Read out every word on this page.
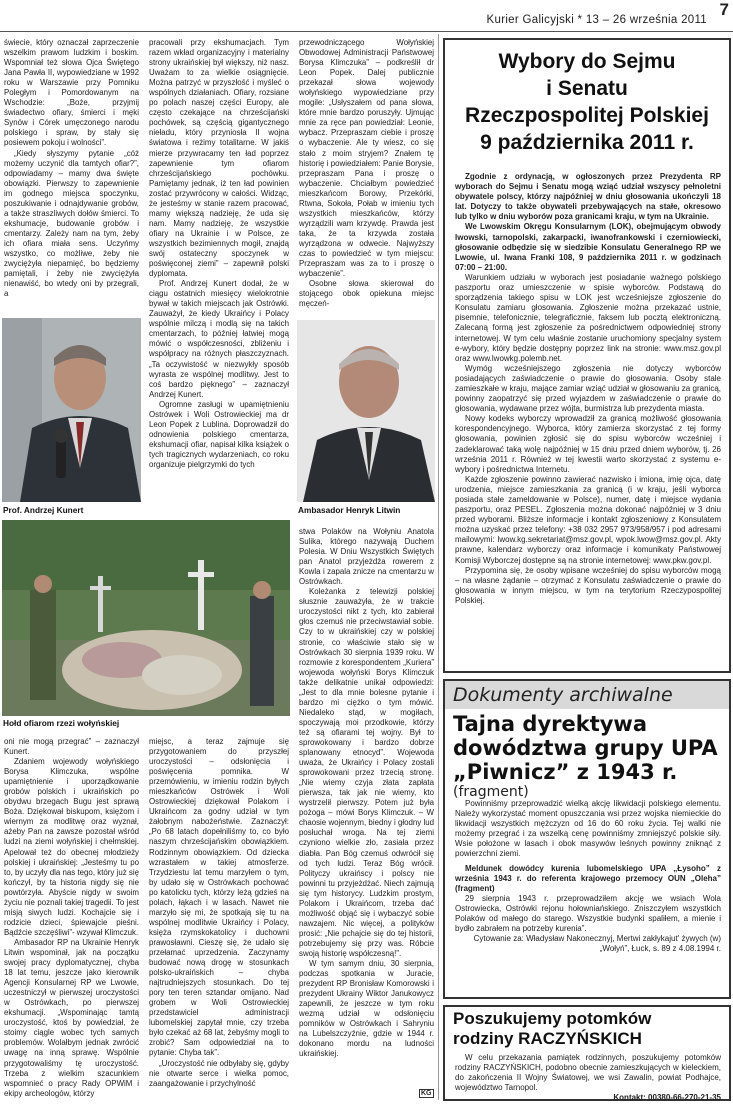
Kurier Galicyjski * 13 – 26 września 2011
7

świecie, który oznaczał zaprzeczenie wszelkim prawom ludzkim i boskim. Wspomniał też słowa Ojca Świętego Jana Pawła II, wypowiedziane w 1992 roku w Warszawie przy Pomniku Poległym i Pomordowanym na Wschodzie: „Boże, przyjmij świadectwo ofiary, śmierci i męki Synów i Córek umęczonego narodu polskiego i spraw, by stały się posiewem pokoju i wolności”.

„Kiedy słyszymy pytanie „cóż możemy uczynić dla tamtych ofiar?”, odpowiadamy – mamy dwa święte obowiązki. Pierwszy to zapewnienie im godnego miejsca spoczynku, poszukiwanie i odnajdywanie grobów, a także straszliwych dołów śmierci. To ekshumacje, budowanie grobów i cmentarzy. Zależy nam na tym, żeby ich ofiara miała sens. Uczyńmy wszystko, co możliwe, żeby nie zwyciężyła niepamięć, bo będziemy pamiętali, i żeby nie zwyciężyła nienawiść, bo wtedy oni by przegrali, a

pracowali przy ekshumacjach. Tym razem wkład organizacyjny i materialny strony ukraińskiej był większy, niż nasz. Uważam to za wielkie osiągnięcie. Można patrzyć w przyszłość i myśleć o wspólnych działaniach. Ofiary, rozsiane po polach naszej części Europy, ale często czekające na chrześcijański pochówek, są częścią gigantycznego nieładu, który przyniosła II wojna światowa i reżimy totalitarne. W jakiś mierze przywracamy ten ład poprzez zapewnienie tym ofiarom chrześcijańskiego pochówku. Pamiętamy jednak, iż ten ład powinien zostać przywrócony w całości. Widząc, że jesteśmy w stanie razem pracować, mamy większą nadzieję, że uda się nam. Mamy nadzieję, że wszystkie ofiary na Ukrainie i w Polsce, ze wszystkich bezimiennych mogił, znajdą swój ostateczny spoczynek w poświęconej ziemi” – zapewnił polski dyplomata.

Prof. Andrzej Kunert dodał, że w ciągu ostatnich miesięcy wielokrotnie bywał w takich miejscach jak Ostrówki. Zauważył, że kiedy Ukraińcy i Polacy wspólnie milczą i modlą się na takich cmentarzach, to później łatwiej mogą mówić o współczesności, zbliżeniu i współpracy na różnych płaszczyznach. „Ta oczywistość w niezwykły sposób wyrasta ze wspólnej modlitwy. Jest to coś bardzo pięknego” – zaznaczył Andrzej Kunert.

Ogromne zasługi w upamiętnieniu Ostrówek i Woli Ostrowieckiej ma dr Leon Popek z Lublina. Doprowadził do odnowienia polskiego cmentarza, ekshumacji ofiar, napisał kilka książek o tych tragicznych wydarzeniach, co roku organizuje pielgrzymki do tych

przewodniczącego Wołyńskiej Obwodowej Administracji Państwowej Borysa Klimczuka” – podkreślił dr Leon Popek. Dalej publicznie przekazał słowa wojewody wołyńskiego wypowiedziane przy mogile: „Usłyszałem od pana słowa, które mnie bardzo poruszyły. Ujmując mnie za ręce pan powiedział: Leonie, wybacz. Przepraszam ciebie i proszę o wybaczenie. Ale ty wiesz, co się stało z moim stryjem? Znałem tę historię i powiedziałem: Panie Borysie, przepraszam Pana i proszę o wybaczenie. Chciałbym powiedzieć mieszkańcom Borowy, Przekórki, Rtwna, Sokoła, Połab w imieniu tych wszystkich mieszkańców, którzy wyrządzili wam krzywdę. Prawda jest taka, że ta krzywda została wyrządzona w odwecie. Najwyższy czas to powiedzieć w tym miejscu: Przepraszam was za to i proszę o wybaczenie”.

Osobne słowa skierował do stojącego obok opiekuna miejsc męczeń-

Prof. Andrzej Kunert	Ambasador Henryk Litwin
Hołd ofiarom rzezi wołyńskiej

stwa Polaków na Wołyniu Anatola Sulika, którego nazywają Duchem Polesia. W Dniu Wszystkich Świętych pan Anatol przyjeżdża rowerem z Kowla i zapala znicze na cmentarzu w Ostrówkach.

Koleżanka z telewizji polskiej słusznie zauważyła, że w trakcie uroczystości nikt z tych, kto zabierał głos czemuś nie przeciwstawiał sobie. Czy to w ukraińskiej czy w polskiej stronie, co właściwie stało się w Ostrówkach 30 sierpnia 1939 roku. W rozmowie z korespondentem „Kuriera” wojewoda wołyński Borys Klimczuk także delikatnie unikał odpowiedzi: „Jest to dla mnie bolesne pytanie i bardzo mi ciężko o tym mówić. Niedaleko stąd, w mogiłach, spoczywają moi przodkowie, którzy też są ofiarami tej wojny. Był to sprowokowany i bardzo dobrze splanowany etnocyd”. Wojewoda uważa, że Ukraińcy i Polacy zostali sprowokowani przez trzecią stronę. „Nie wiemy czyja złata zapłata pierwsza, tak jak nie wiemy, kto wystrzelił pierwszy. Potem już była pożoga – mówi Borys Klimczuk. – W chaosie wojennym, biedny i głodny lud posłuchał wroga. Na tej ziemi czyniono wielkie zło, zasiała przez diabła. Pan Bóg czemuś odwrócił się od tych ludzi. Teraz Bóg wrócił. Polityczy ukraińscy i polscy nie powinni tu przyjeżdżać. Niech zajmują się tym historycy. Ludzkim prostym, Polakom i Ukraińcom, trzeba dać możliwość objąć się i wybaczyć sobie nawzajem. Nic więcej, a polityków prosić: „Nie pchajcie się do tej historii, potrzebujemy się przy was. Róbcie swoją historię współczesną!”.

W tym samym dniu, 30 sierpnia, podczas spotkania w Juracie, prezydent RP Bronisław Komorowski i prezydent Ukrainy Wiktor Janukowycz zapewnili, że jeszcze w tym roku wezmą udział w odsłonięciu pomników w Ostrówkach i Sahryniu na Lubelszczyźnie, gdzie w 1944 r. dokonano mordu na ludności ukraińskiej.

oni nie mogą przegrać” – zaznaczył Kunert.

Zdaniem wojewody wołyńskiego Borysa Klimczuka, wspólne upamiętnienie i uporządkowanie grobów polskich i ukraińskich po obydwu brzegach Bugu jest sprawą Boża. Dziękował biskupom, księżom i wiernym za modlitwę oraz wyznał, ażeby Pan na zawsze pozostał wśród ludzi na ziemi wołyńskiej i chełmskiej. Apelował też do obecnej młodzieży polskiej i ukraińskiej: „Jesteśmy tu po to, by uczyły dla nas tego, który już się kończył, by ta historia nigdy się nie powtórzyła. Abyście nigdy w swoim życiu nie poznali takiej tragedii. To jest misją siwych ludzi. Kochajcie się i rodzicie dzieci, śpiewajcie pieśni. Bądźcie szczęśliwi”- wzywał Klimczuk.

Ambasador RP na Ukrainie Henryk Litwin wspominał, jak na początku swojej pracy dyplomatycznej, chyba 18 lat temu, jeszcze jako kierownik Agencji Konsularnej RP we Lwowie, uczestniczył w pierwszej uroczystości w Ostrówkach, po pierwszej ekshumacji. „Wspominając tamtą uroczystość, ktoś by powiedział, że stoimy ciągle wobec tych samych problemów. Wolałbym jednak zwrócić uwagę na inną sprawę. Wspólnie przygotowaliśmy tę uroczystość. Trzeba z wielkim szacunkiem wspomnieć o pracy Rady OPWiM i ekipy archeologów, którzy

miejsc, a teraz zajmuje się przygotowaniem do przyszłej uroczystości – odsłonięcia i poświęcenia pomnika. W przemówieniu, w imieniu rodzin byłych mieszkańców Ostrówek i Woli Ostrowieckiej dziękował Polakom i Ukraińcom za godny udział w tym żałobnym nabożeństwie. Zaznaczył: „Po 68 latach dopełniliśmy to, co było naszym chrześcijańskim obowiązkiem. Rodzinnym obowiązkiem. Od dziecka wzrastałem w takiej atmosferze. Trzydziestu lat temu marzyłem o tym, by udało się w Ostrówkach pochować po katolicku tych, którzy leżą gdzieś na polach, łąkach i w lasach. Nawet nie marzyło się mi, że spotkają się tu na wspólnej modlitwie Ukraińcy i Polacy, księża rzymskokatolicy i duchowni prawosławni. Cieszę się, że udało się przełamać uprzedzenia. Zaczynamy budować nową drogę w stosunkach polsko-ukraińskich – chyba najtrudniejszych stosunkach. Do tej pory ten teren sztandar omijano. Nad grobem w Woli Ostrowieckiej przedstawiciel administracji lubomelskiej zapytał mnie, czy trzeba było czekać aż 68 lat, żebyśmy mogli to zrobić? Sam odpowiedział na to pytanie: Chyba tak”.

„Uroczystość nie odbyłaby się, gdyby nie otwarte serce i wielka pomoc, zaangażowanie i przychylność

KG
Wybory do Sejmu
i Senatu
Rzeczpospolitej Polskiej
9 października 2011 r.

Zgodnie z ordynacją, w ogłoszonych przez Prezydenta RP wyborach do Sejmu i Senatu mogą wziąć udział wszyscy pełnoletni obywatele polscy, którzy najpóźniej w dniu głosowania ukończyli 18 lat. Dotyczy to także obywateli przebywających na stałe, okresowo lub tylko w dniu wyborów poza granicami kraju, w tym na Ukrainie.

We Lwowskim Okręgu Konsularnym (LOK), obejmującym obwody lwowski, tarnopolski, zakarpacki, iwanofrankowski i czerniowiecki, głosowanie odbędzie się w siedzibie Konsulatu Generalnego RP we Lwowie, ul. Iwana Franki 108, 9 października 2011 r. w godzinach 07:00 – 21:00.

Warunkiem udziału w wyborach jest posiadanie ważnego polskiego paszportu oraz umieszczenie w spisie wyborców. Podstawą do sporządzenia takiego spisu w LOK jest wcześniejsze zgłoszenie do Konsulatu zamiaru głosowania. Zgłoszenie można przekazać ustnie, pisemnie, telefonicznie, telegraficznie, faksem lub pocztą elektroniczną. Zalecaną formą jest zgłoszenie za pośrednictwem odpowiedniej strony internetowej. W tym celu właśnie zostanie uruchomiony specjalny system e-wybory, który będzie dostępny poprzez link na stronie: www.msz.gov.pl oraz www.lwowkg.polemb.net.

Wymóg wcześniejszego zgłoszenia nie dotyczy wyborców posiadających zaświadczenie o prawie do głosowania. Osoby stale zamieszkałe w kraju, mające zamiar wziąć udział w głosowaniu za granicą, powinny zaopatrzyć się przed wyjazdem w zaświadczenie o prawie do głosowania, wydawane przez wójta, burmistrza lub prezydenta miasta.

Nowy kodeks wyborczy wprowadził za granicą możliwość głosowania korespondencyjnego. Wyborca, który zamierza skorzystać z tej formy głosowania, powinien zgłosić się do spisu wyborców wcześniej i zadeklarować taką wolę najpóźniej w 15 dniu przed dniem wyborów, tj. 26 września 2011 r. Również w tej kwestii warto skorzystać z systemu e-wybory i pośrednictwa Internetu.

Każde zgłoszenie powinno zawierać nazwisko i imiona, imię ojca, datę urodzenia, miejsce zamieszkania za granicą (i w kraju, jeśli wyborca posiada stałe zameldowanie w Polsce), numer, datę i miejsce wydania paszportu, oraz PESEL. Zgłoszenia można dokonać najpóźniej w 3 dniu przed wyborami. Bliższe informacje i kontakt zgłoszeniowy z Konsulatem można uzyskać przez telefony: +38 032 2957 973/958/957 i pod adresami mailowymi: lwow.kg.sekretariat@msz.gov.pl, wpok.lwow@msz.gov.pl. Akty prawne, kalendarz wyborczy oraz informacje i komunikaty Państwowej Komisji Wyborczej dostępne są na stronie internetowej: www.pkw.gov.pl.

Przypomina się, że osoby wpisane wcześniej do spisu wyborców mogą – na własne żądanie – otrzymać z Konsulatu zaświadczenie o prawie do głosowania w innym miejscu, w tym na terytorium Rzeczypospolitej Polskiej.

Dokumenty archiwalne
Tajna dyrektywa
dowództwa grupy UPA
„Piwnicz” z 1943 r.
(fragment)

Powinniśmy przeprowadzić wielką akcję likwidacji polskiego elementu. Należy wykorzystać moment opuszczania wsi przez wojska niemieckie do likwidacji wszystkich mężczyzn od 16 do 60 roku życia. Tej walki nie możemy przegrać i za wszelką cenę powinniśmy zmniejszyć polskie siły. Wsie położone w lasach i obok masywów leśnych powinny zniknąć z powierzchni ziemi.

Meldunek dowódcy kurenia lubomelskiego UPA „Łysoho” z września 1943 r. do referenta krajowego przemocy OUN „Oleha” (fragment)

29 sierpnia 1943 r. przeprowadziłem akcję we wsiach Wola Ostrowiecka, Ostrówki rejonu hołowniańskiego. Zniszczyłem wszystkich Polaków od małego do starego. Wszystkie budynki spaliłem, a mienie i bydło zabrałem na potrzeby kurenia”.

Cytowanie za: Władysław Nakonecznyj, Mertwi zakłykajut' żywych (w)
„Wołyń”, Łuck, s. 89 z 4.08.1994 r.
Poszukujemy potomków
rodziny RACZYŃSKICH

W celu przekazania pamiątek rodzinnych, poszukujemy potomków rodziny RACZYŃSKICH, podobno obecnie zamieszkujących w kieleckiem, do zakończenia II Wojny Światowej, we wsi Zawalin, powiat Podhajce, województwo Tarnopol.

Kontakt: 00380-66-270-21-35
